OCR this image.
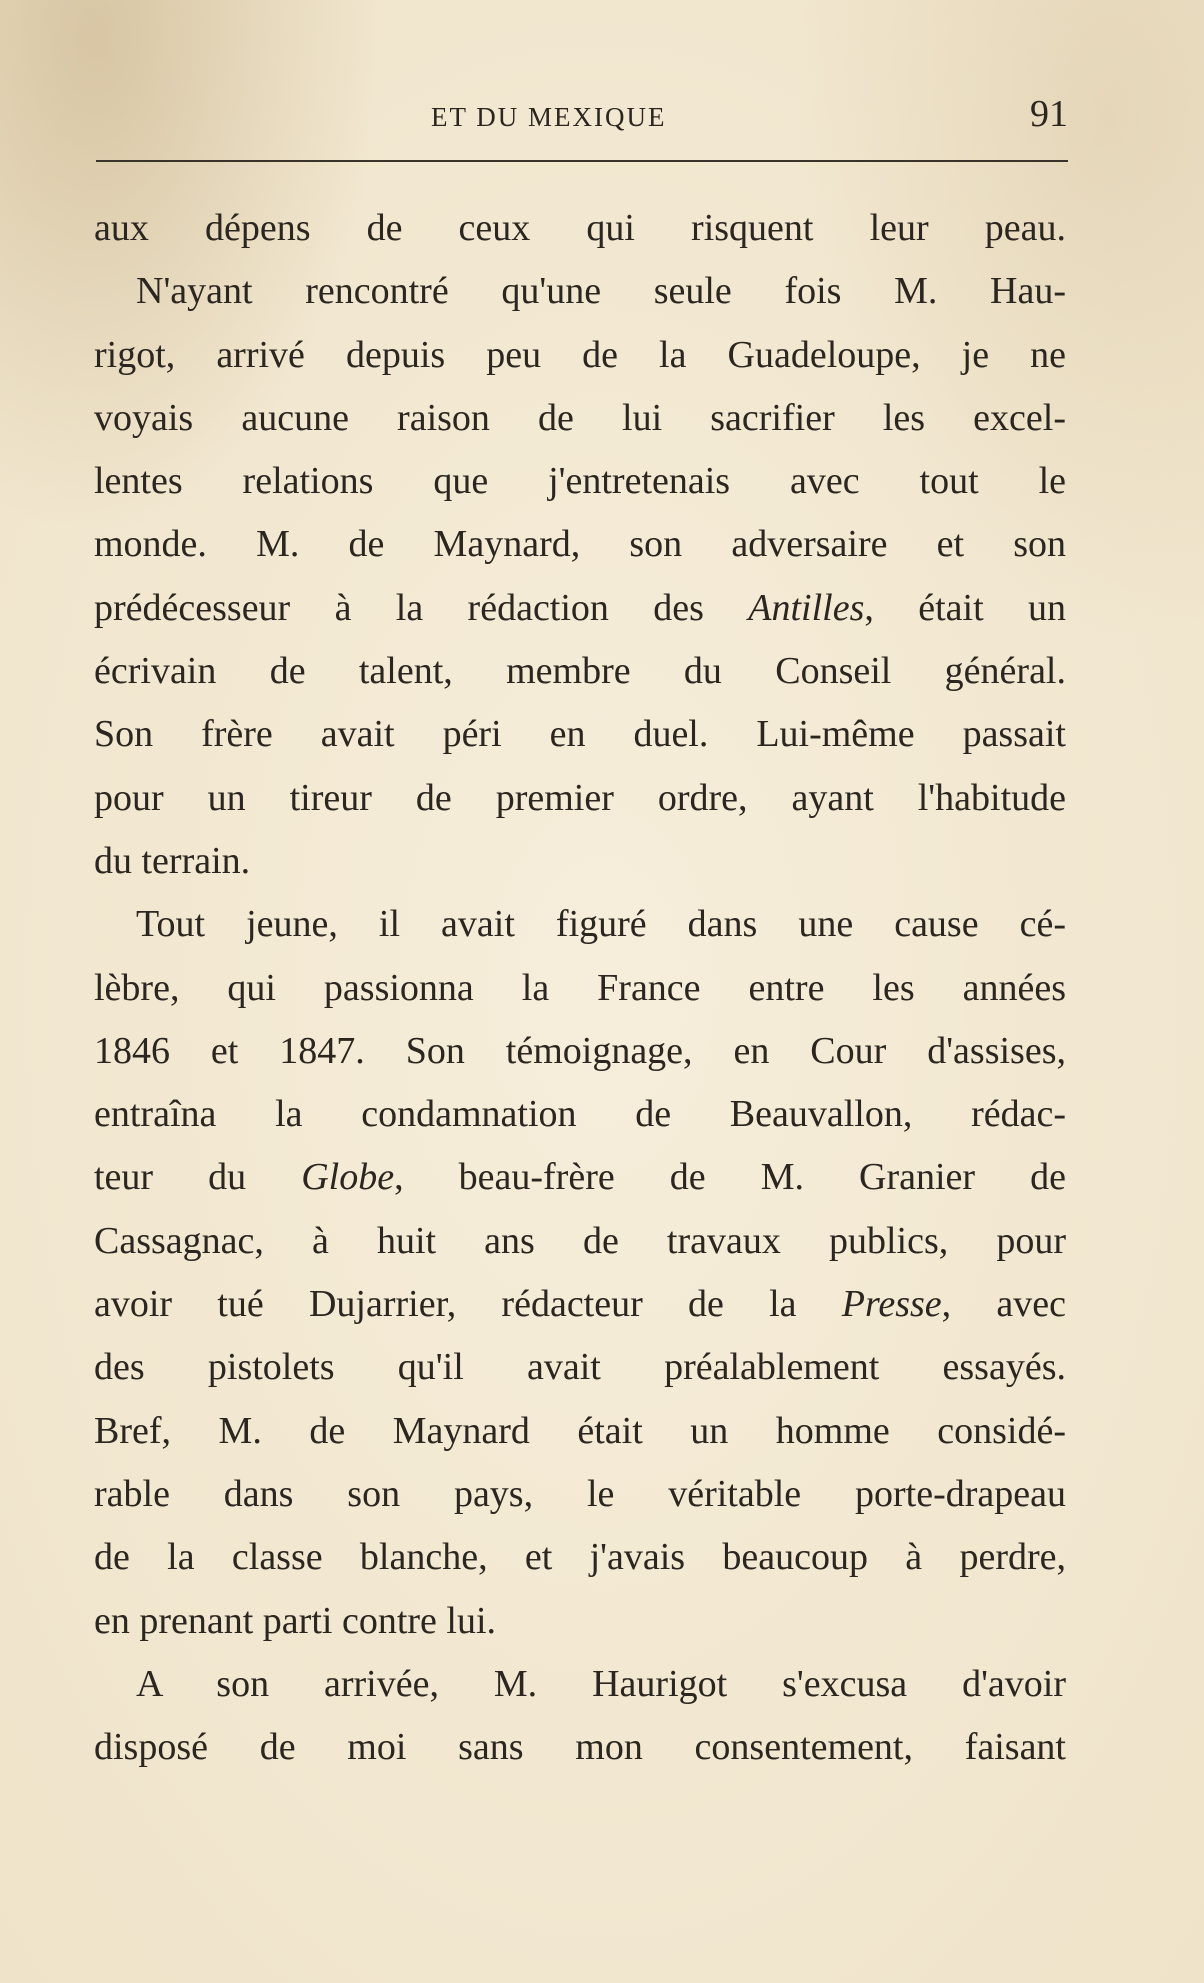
ET DU MEXIQUE	91
aux dépens de ceux qui risquent leur peau.
N'ayant rencontré qu'une seule fois M. Hau-
rigot, arrivé depuis peu de la Guadeloupe, je ne
voyais aucune raison de lui sacrifier les excel-
lentes relations que j'entretenais avec tout le
monde. M. de Maynard, son adversaire et son
prédécesseur à la rédaction des Antilles, était un
écrivain de talent, membre du Conseil général.
Son frère avait péri en duel. Lui-même passait
pour un tireur de premier ordre, ayant l'habitude
du terrain.
Tout jeune, il avait figuré dans une cause cé-
lèbre, qui passionna la France entre les années
1846 et 1847. Son témoignage, en Cour d'assises,
entraîna la condamnation de Beauvallon, rédac-
teur du Globe, beau-frère de M. Granier de
Cassagnac, à huit ans de travaux publics, pour
avoir tué Dujarrier, rédacteur de la Presse, avec
des pistolets qu'il avait préalablement essayés.
Bref, M. de Maynard était un homme considé-
rable dans son pays, le véritable porte-drapeau
de la classe blanche, et j'avais beaucoup à perdre,
en prenant parti contre lui.
A son arrivée, M. Haurigot s'excusa d'avoir
disposé de moi sans mon consentement, faisant
